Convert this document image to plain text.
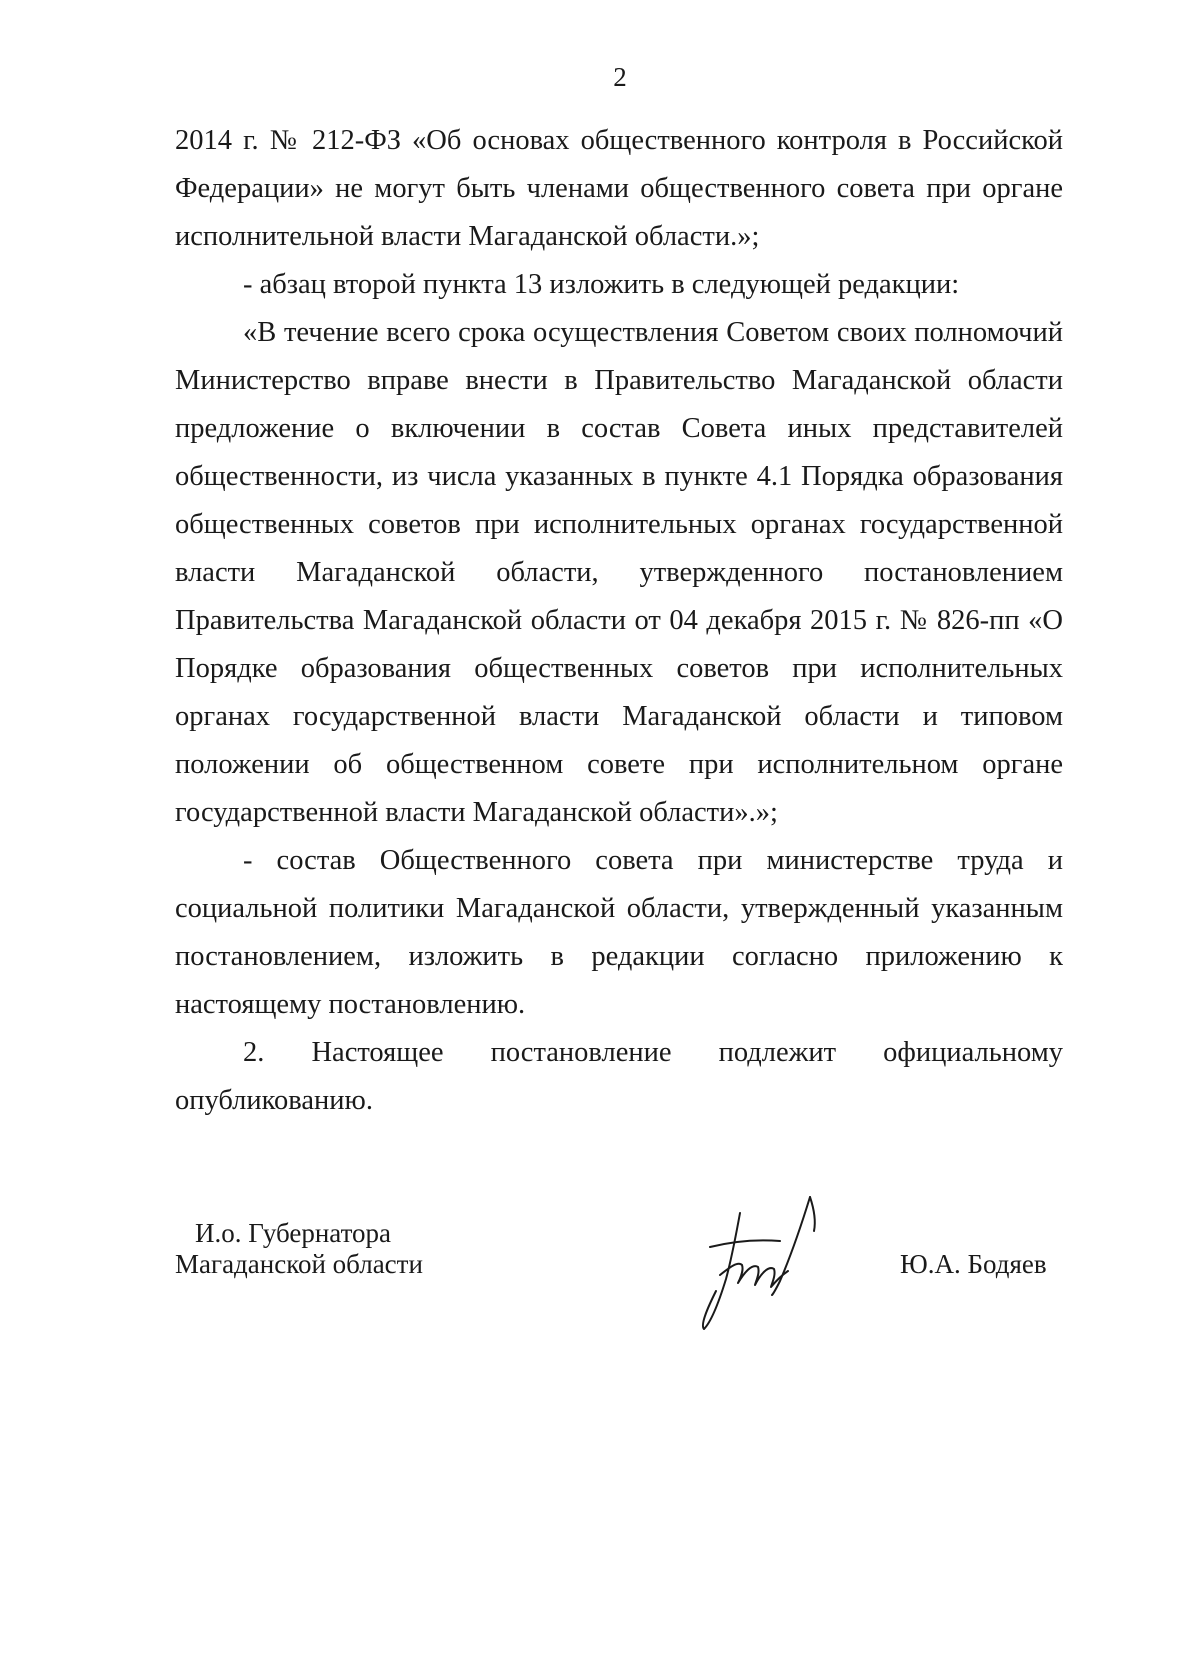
2

2014 г. № 212-ФЗ «Об основах общественного контроля в Российской Федерации» не могут быть членами общественного совета при органе исполнительной власти Магаданской области.»;

- абзац второй пункта 13 изложить в следующей редакции:

«В течение всего срока осуществления Советом своих полномочий Министерство вправе внести в Правительство Магаданской области предложение о включении в состав Совета иных представителей общественности, из числа указанных в пункте 4.1 Порядка образования общественных советов при исполнительных органах государственной власти Магаданской области, утвержденного постановлением Правительства Магаданской области от 04 декабря 2015 г. № 826-пп «О Порядке образования общественных советов при исполнительных органах государственной власти Магаданской области и типовом положении об общественном совете при исполнительном органе государственной власти Магаданской области».»;

- состав Общественного совета при министерстве труда и социальной политики Магаданской области, утвержденный указанным постановлением, изложить в редакции согласно приложению к настоящему постановлению.

2. Настоящее постановление подлежит официальному опубликованию.

И.о. Губернатора
Магаданской области	Ю.А. Бодяев
